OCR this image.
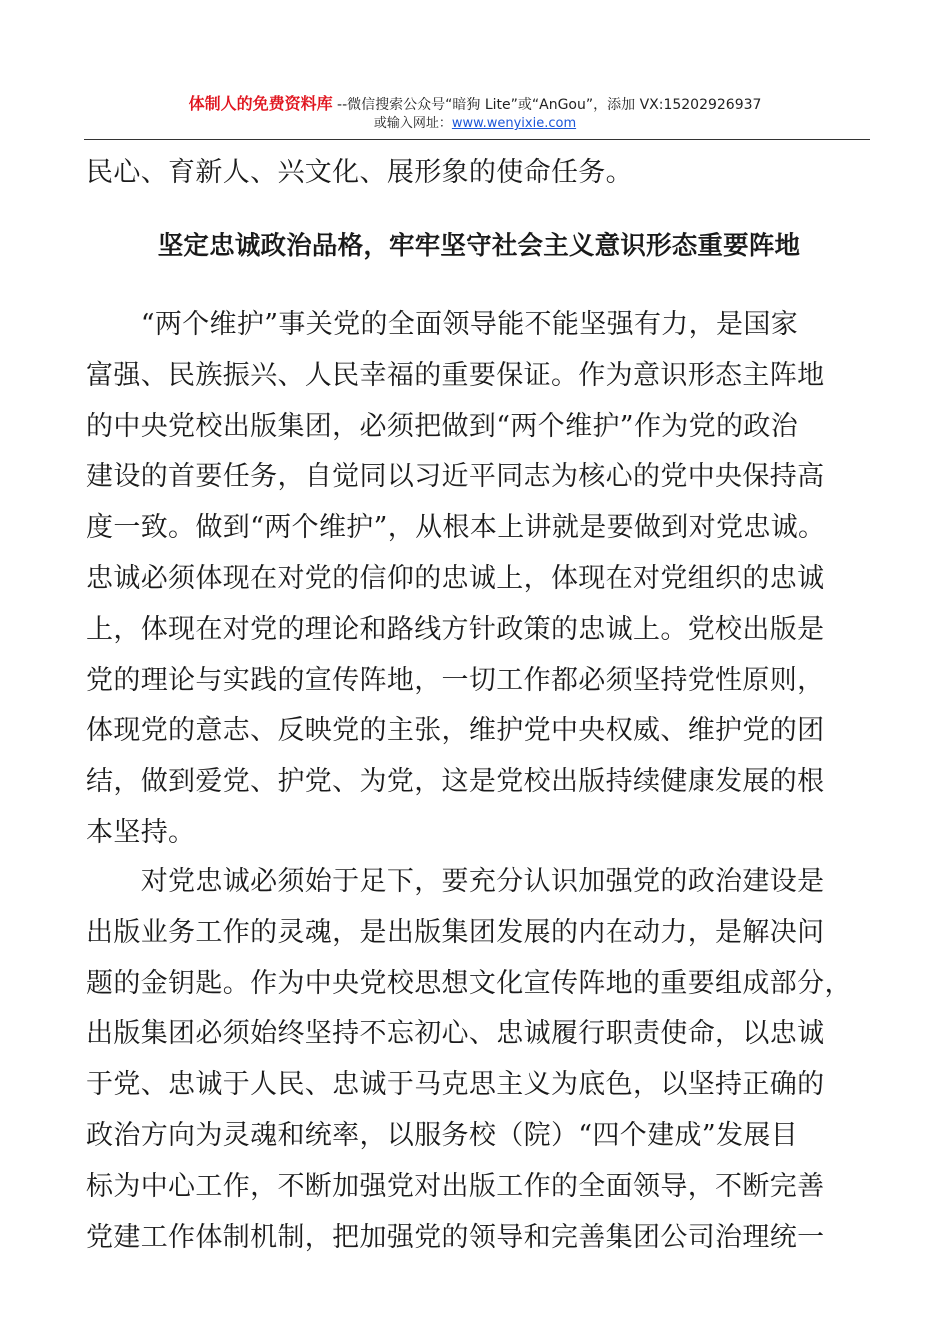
体制人的免费资料库 --微信搜索公众号“暗狗 Lite”或“AnGou”，添加 VX:15202926937
或输入网址：www.wenyixie.com
民心、育新人、兴文化、展形象的使命任务。
坚定忠诚政治品格，牢牢坚守社会主义意识形态重要阵地
　　“两个维护”事关党的全面领导能不能坚强有力，是国家
富强、民族振兴、人民幸福的重要保证。作为意识形态主阵地
的中央党校出版集团，必须把做到“两个维护”作为党的政治
建设的首要任务，自觉同以习近平同志为核心的党中央保持高
度一致。做到“两个维护”，从根本上讲就是要做到对党忠诚。
忠诚必须体现在对党的信仰的忠诚上，体现在对党组织的忠诚
上，体现在对党的理论和路线方针政策的忠诚上。党校出版是
党的理论与实践的宣传阵地，一切工作都必须坚持党性原则，
体现党的意志、反映党的主张，维护党中央权威、维护党的团
结，做到爱党、护党、为党，这是党校出版持续健康发展的根
本坚持。
　　对党忠诚必须始于足下，要充分认识加强党的政治建设是
出版业务工作的灵魂，是出版集团发展的内在动力，是解决问
题的金钥匙。作为中央党校思想文化宣传阵地的重要组成部分，
出版集团必须始终坚持不忘初心、忠诚履行职责使命，以忠诚
于党、忠诚于人民、忠诚于马克思主义为底色，以坚持正确的
政治方向为灵魂和统率，以服务校（院）“四个建成”发展目
标为中心工作，不断加强党对出版工作的全面领导，不断完善
党建工作体制机制，把加强党的领导和完善集团公司治理统一
